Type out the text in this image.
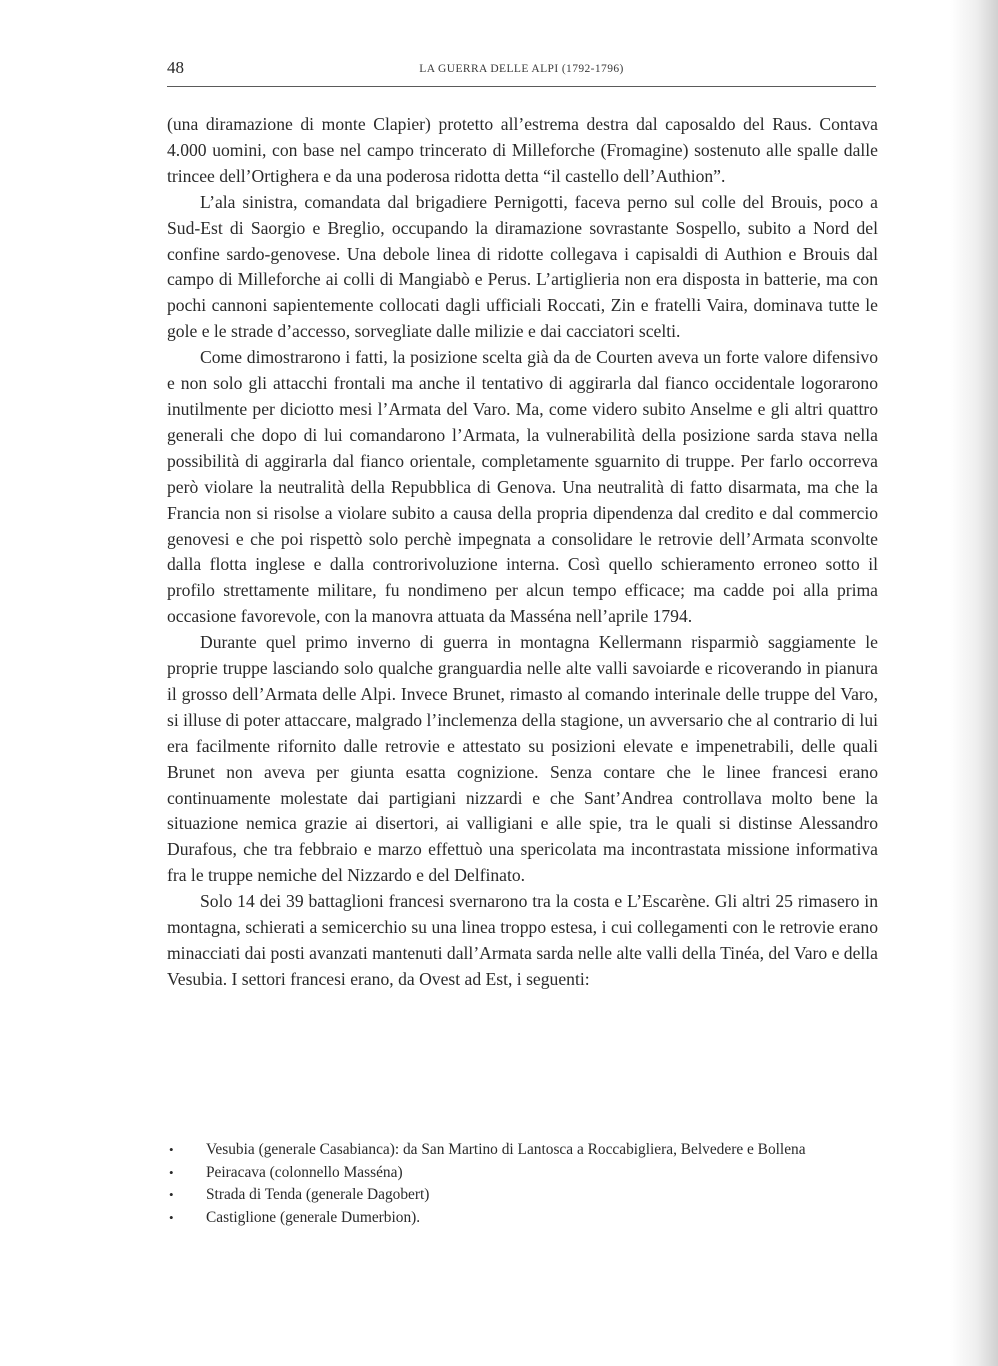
48	LA GUERRA DELLE ALPI (1792-1796)

(una diramazione di monte Clapier) protetto all’estrema destra dal caposaldo del Raus. Contava 4.000 uomini, con base nel campo trincerato di Milleforche (Fromagine) sostenuto alle spalle dalle trincee dell’Ortighera e da una poderosa ridotta detta “il castello dell’Authion”.

L’ala sinistra, comandata dal brigadiere Pernigotti, faceva perno sul colle del Brouis, poco a Sud-Est di Saorgio e Breglio, occupando la diramazione sovrastante Sospello, subito a Nord del confine sardo-genovese. Una debole linea di ridotte collegava i capisaldi di Authion e Brouis dal campo di Milleforche ai colli di Mangiabò e Perus. L’artiglieria non era disposta in batterie, ma con pochi cannoni sapientemente collocati dagli ufficiali Roccati, Zin e fratelli Vaira, dominava tutte le gole e le strade d’accesso, sorvegliate dalle milizie e dai cacciatori scelti.

Come dimostrarono i fatti, la posizione scelta già da de Courten aveva un forte valore difensivo e non solo gli attacchi frontali ma anche il tentativo di aggirarla dal fianco occidentale logorarono inutilmente per diciotto mesi l’Armata del Varo. Ma, come videro subito Anselme e gli altri quattro generali che dopo di lui comandarono l’Armata, la vulnerabilità della posizione sarda stava nella possibilità di aggirarla dal fianco orientale, completamente sguarnito di truppe. Per farlo occorreva però violare la neutralità della Repubblica di Genova. Una neutralità di fatto disarmata, ma che la Francia non si risolse a violare subito a causa della propria dipendenza dal credito e dal commercio genovesi e che poi rispettò solo perchè impegnata a consolidare le retrovie dell’Armata sconvolte dalla flotta inglese e dalla controrivoluzione interna. Così quello schieramento erroneo sotto il profilo strettamente militare, fu nondimeno per alcun tempo efficace; ma cadde poi alla prima occasione favorevole, con la manovra attuata da Masséna nell’aprile 1794.

Durante quel primo inverno di guerra in montagna Kellermann risparmiò saggiamente le proprie truppe lasciando solo qualche granguardia nelle alte valli savoiarde e ricoverando in pianura il grosso dell’Armata delle Alpi. Invece Brunet, rimasto al comando interinale delle truppe del Varo, si illuse di poter attaccare, malgrado l’inclemenza della stagione, un avversario che al contrario di lui era facilmente rifornito dalle retrovie e attestato su posizioni elevate e impenetrabili, delle quali Brunet non aveva per giunta esatta cognizione. Senza contare che le linee francesi erano continuamente molestate dai partigiani nizzardi e che Sant’Andrea controllava molto bene la situazione nemica grazie ai disertori, ai valligiani e alle spie, tra le quali si distinse Alessandro Durafous, che tra febbraio e marzo effettuò una spericolata ma incontrastata missione informativa fra le truppe nemiche del Nizzardo e del Delfinato.

Solo 14 dei 39 battaglioni francesi svernarono tra la costa e L’Escarène. Gli altri 25 rimasero in montagna, schierati a semicerchio su una linea troppo estesa, i cui collegamenti con le retrovie erano minacciati dai posti avanzati mantenuti dall’Armata sarda nelle alte valli della Tinéa, del Varo e della Vesubia. I settori francesi erano, da Ovest ad Est, i seguenti:

• Vesubia (generale Casabianca): da San Martino di Lantosca a Roccabigliera, Belvedere e Bollena
• Peiracava (colonnello Masséna)
• Strada di Tenda (generale Dagobert)
• Castiglione (generale Dumerbion).
